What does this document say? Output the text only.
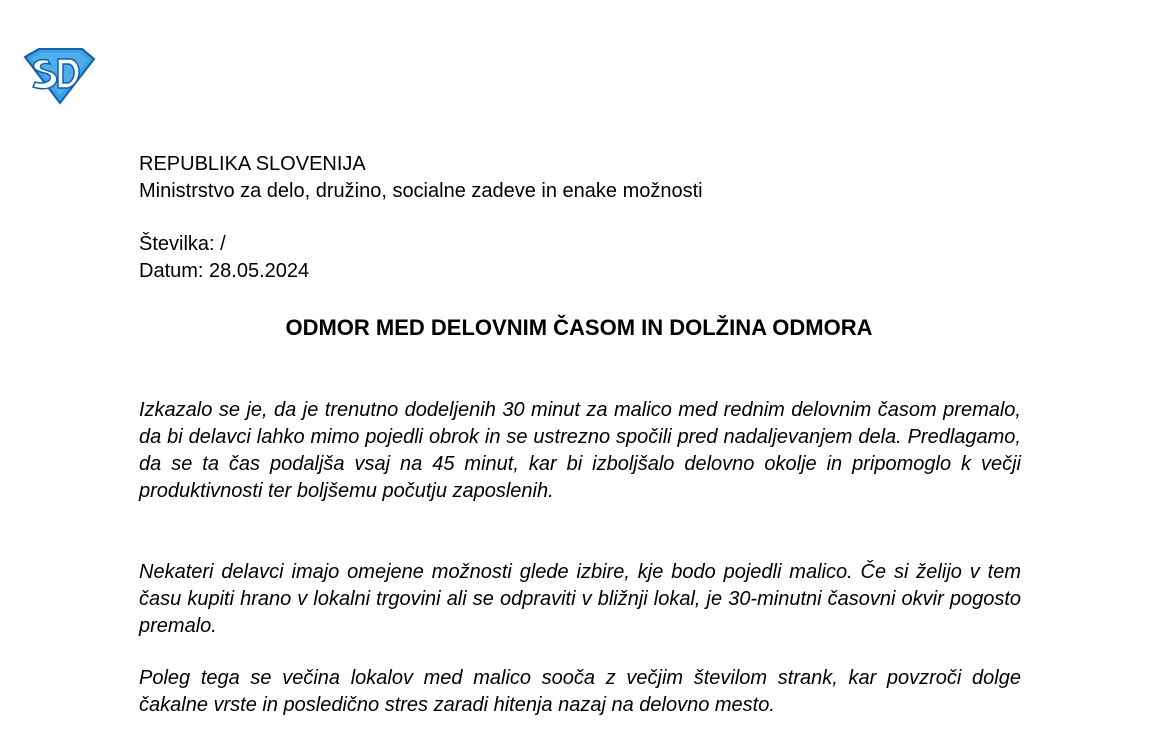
REPUBLIKA SLOVENIJA
Ministrstvo za delo, družino, socialne zadeve in enake možnosti
Številka: /
Datum: 28.05.2024
ODMOR MED DELOVNIM ČASOM IN DOLŽINA ODMORA

Izkazalo se je, da je trenutno dodeljenih 30 minut za malico med rednim delovnim časom premalo, da bi delavci lahko mimo pojedli obrok in se ustrezno spočili pred nadaljevanjem dela. Predlagamo, da se ta čas podaljša vsaj na 45 minut, kar bi izboljšalo delovno okolje in pripomoglo k večji produktivnosti ter boljšemu počutju zaposlenih.

Nekateri delavci imajo omejene možnosti glede izbire, kje bodo pojedli malico. Če si želijo v tem času kupiti hrano v lokalni trgovini ali se odpraviti v bližnji lokal, je 30-minutni časovni okvir pogosto premalo.

Poleg tega se večina lokalov med malico sooča z večjim številom strank, kar povzroči dolge čakalne vrste in posledično stres zaradi hitenja nazaj na delovno mesto.
